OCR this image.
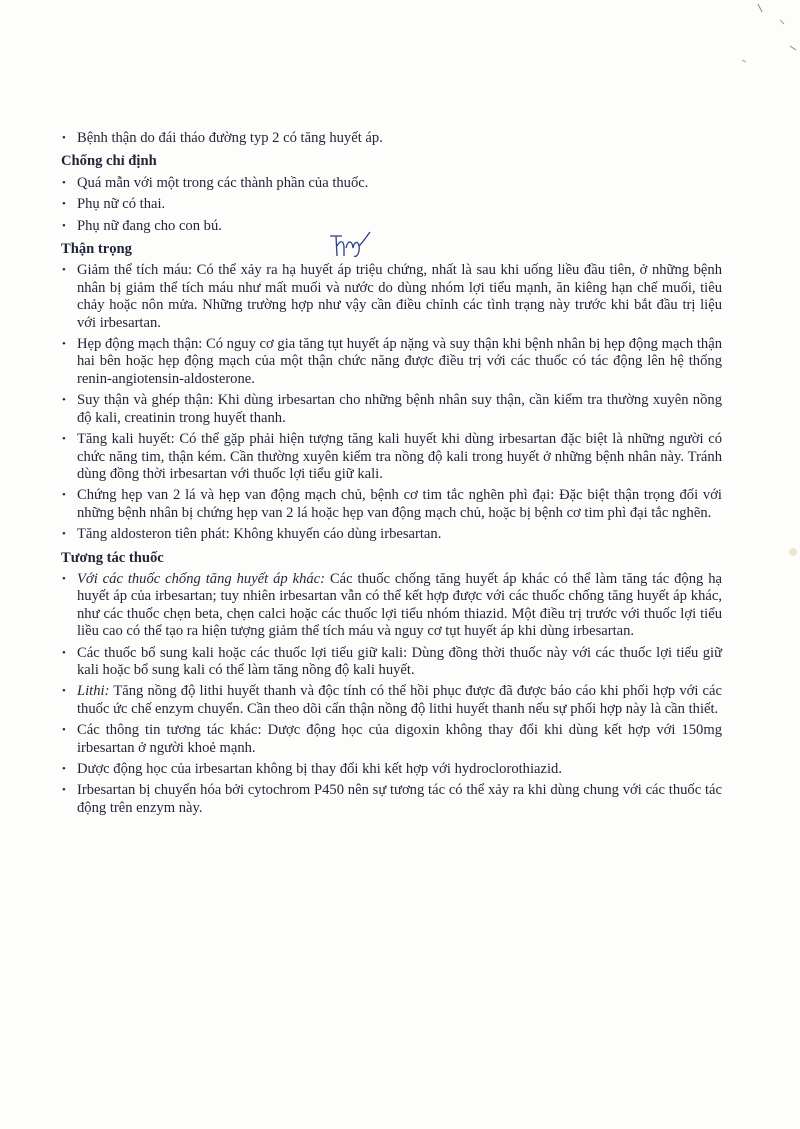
• Bệnh thận do đái tháo đường typ 2 có tăng huyết áp.
Chống chỉ định
• Quá mẫn với một trong các thành phần của thuốc.
• Phụ nữ có thai.
• Phụ nữ đang cho con bú.
Thận trọng
• Giảm thể tích máu: Có thể xảy ra hạ huyết áp triệu chứng, nhất là sau khi uống liều đầu tiên, ở những bệnh nhân bị giảm thể tích máu như mất muối và nước do dùng nhóm lợi tiểu mạnh, ăn kiêng hạn chế muối, tiêu chảy hoặc nôn mửa. Những trường hợp như vậy cần điều chỉnh các tình trạng này trước khi bắt đầu trị liệu với irbesartan.
• Hẹp động mạch thận: Có nguy cơ gia tăng tụt huyết áp nặng và suy thận khi bệnh nhân bị hẹp động mạch thận hai bên hoặc hẹp động mạch của một thận chức năng được điều trị với các thuốc có tác động lên hệ thống renin-angiotensin-aldosterone.
• Suy thận và ghép thận: Khi dùng irbesartan cho những bệnh nhân suy thận, cần kiểm tra thường xuyên nồng độ kali, creatinin trong huyết thanh.
• Tăng kali huyết: Có thể gặp phải hiện tượng tăng kali huyết khi dùng irbesartan đặc biệt là những người có chức năng tim, thận kém. Cần thường xuyên kiểm tra nồng độ kali trong huyết ở những bệnh nhân này. Tránh dùng đồng thời irbesartan với thuốc lợi tiểu giữ kali.
• Chứng hẹp van 2 lá và hẹp van động mạch chủ, bệnh cơ tim tắc nghẽn phì đại: Đặc biệt thận trọng đối với những bệnh nhân bị chứng hẹp van 2 lá hoặc hẹp van động mạch chủ, hoặc bị bệnh cơ tim phì đại tắc nghẽn.
• Tăng aldosteron tiên phát: Không khuyến cáo dùng irbesartan.
Tương tác thuốc
• Với các thuốc chống tăng huyết áp khác: Các thuốc chống tăng huyết áp khác có thể làm tăng tác động hạ huyết áp của irbesartan; tuy nhiên irbesartan vẫn có thể kết hợp được với các thuốc chống tăng huyết áp khác, như các thuốc chẹn beta, chẹn calci hoặc các thuốc lợi tiểu nhóm thiazid. Một điều trị trước với thuốc lợi tiểu liều cao có thể tạo ra hiện tượng giảm thể tích máu và nguy cơ tụt huyết áp khi dùng irbesartan.
• Các thuốc bổ sung kali hoặc các thuốc lợi tiểu giữ kali: Dùng đồng thời thuốc này với các thuốc lợi tiểu giữ kali hoặc bổ sung kali có thể làm tăng nồng độ kali huyết.
• Lithi: Tăng nồng độ lithi huyết thanh và độc tính có thể hồi phục được đã được báo cáo khi phối hợp với các thuốc ức chế enzym chuyển. Cần theo dõi cẩn thận nồng độ lithi huyết thanh nếu sự phối hợp này là cần thiết.
• Các thông tin tương tác khác: Dược động học của digoxin không thay đổi khi dùng kết hợp với 150mg irbesartan ở người khoẻ mạnh.
• Dược động học của irbesartan không bị thay đổi khi kết hợp với hydroclorothiazid.
• Irbesartan bị chuyển hóa bởi cytochrom P450 nên sự tương tác có thể xảy ra khi dùng chung với các thuốc tác động trên enzym này.
